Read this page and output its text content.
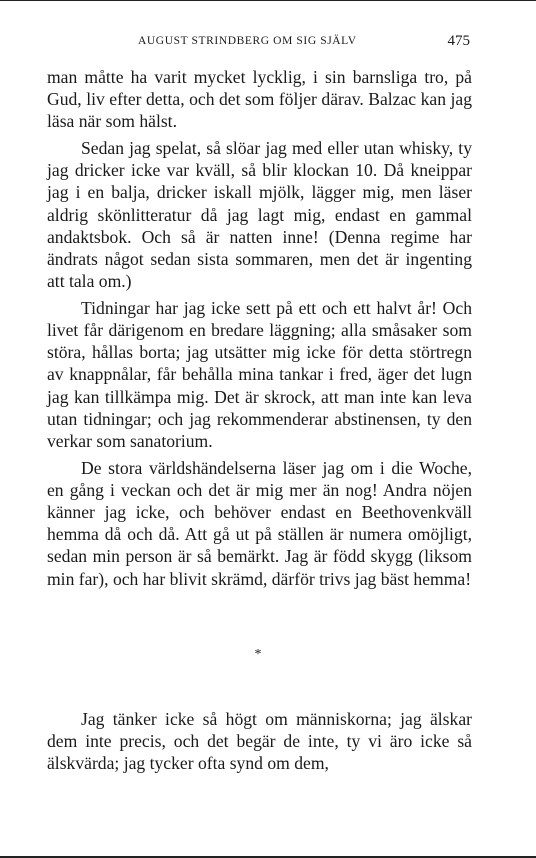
AUGUST STRINDBERG OM SIG SJÄLV	475

man måtte ha varit mycket lycklig, i sin barnsliga tro, på Gud, liv efter detta, och det som följer därav. Balzac kan jag läsa när som hälst.

Sedan jag spelat, så slöar jag med eller utan whisky, ty jag dricker icke var kväll, så blir klockan 10. Då kneippar jag i en balja, dricker iskall mjölk, lägger mig, men läser aldrig skönlitteratur då jag lagt mig, endast en gammal andaktsbok. Och så är natten inne! (Denna regime har ändrats något sedan sista sommaren, men det är ingenting att tala om.)

Tidningar har jag icke sett på ett och ett halvt år! Och livet får därigenom en bredare läggning; alla småsaker som störa, hållas borta; jag utsätter mig icke för detta störtregn av knappnålar, får behålla mina tankar i fred, äger det lugn jag kan tillkämpa mig. Det är skrock, att man inte kan leva utan tidningar; och jag rekommenderar abstinensen, ty den verkar som sanatorium.

De stora världshändelserna läser jag om i die Woche, en gång i veckan och det är mig mer än nog! Andra nöjen känner jag icke, och behöver endast en Beethovenkväll hemma då och då. Att gå ut på ställen är numera omöjligt, sedan min person är så bemärkt. Jag är född skygg (liksom min far), och har blivit skrämd, därför trivs jag bäst hemma!

*

Jag tänker icke så högt om människorna; jag älskar dem inte precis, och det begär de inte, ty vi äro icke så älskvärda; jag tycker ofta synd om dem,
